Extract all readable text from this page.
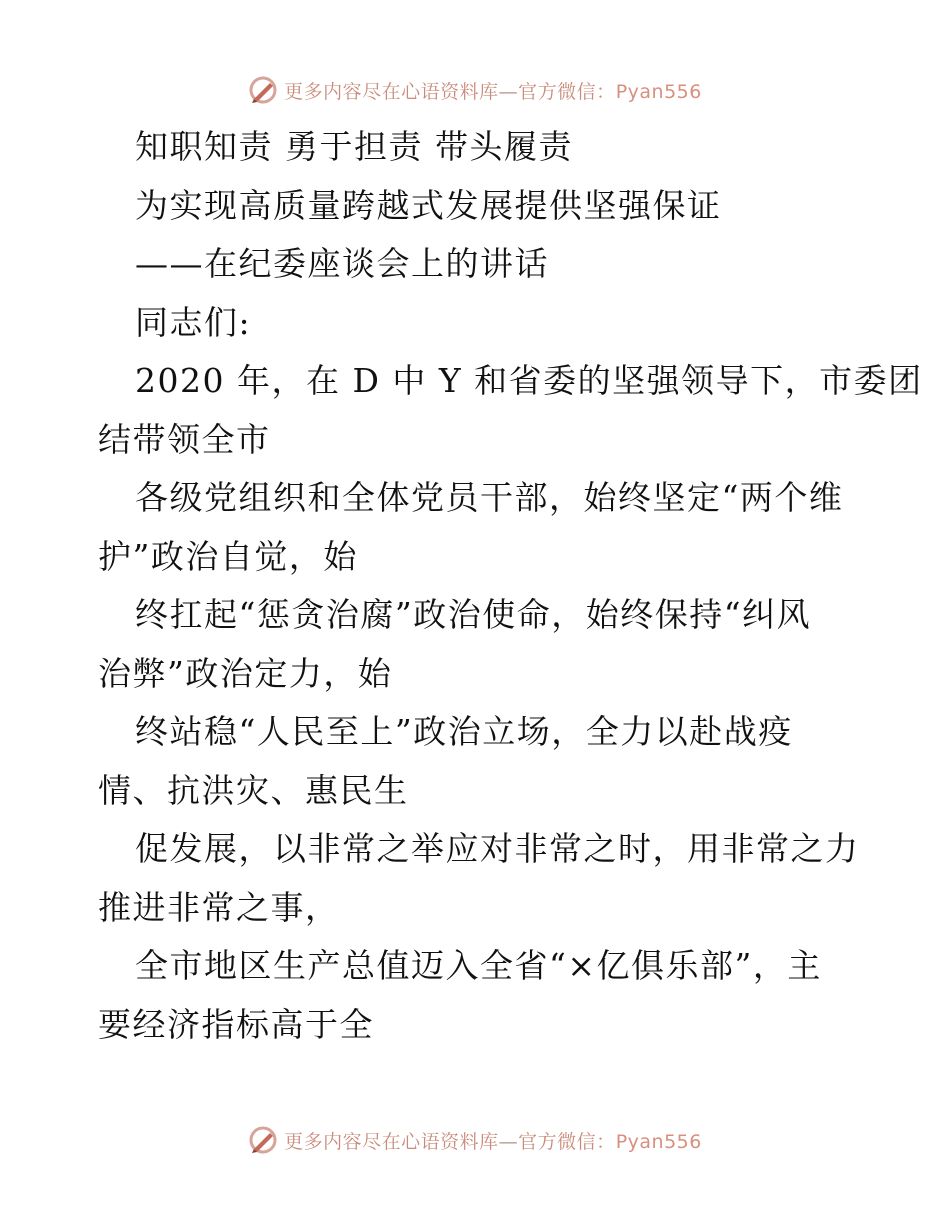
更多内容尽在心语资料库—官方微信：Pyan556
知职知责 勇于担责 带头履责
为实现高质量跨越式发展提供坚强保证
——在纪委座谈会上的讲话
同志们:
2020 年，在 D 中 Y 和省委的坚强领导下，市委团
结带领全市
各级党组织和全体党员干部，始终坚定“两个维
护”政治自觉，始
终扛起“惩贪治腐”政治使命，始终保持“纠风
治弊”政治定力，始
终站稳“人民至上”政治立场，全力以赴战疫
情、抗洪灾、惠民生
促发展，以非常之举应对非常之时，用非常之力
推进非常之事，
全市地区生产总值迈入全省“×亿俱乐部”，主
要经济指标高于全
更多内容尽在心语资料库—官方微信：Pyan556
